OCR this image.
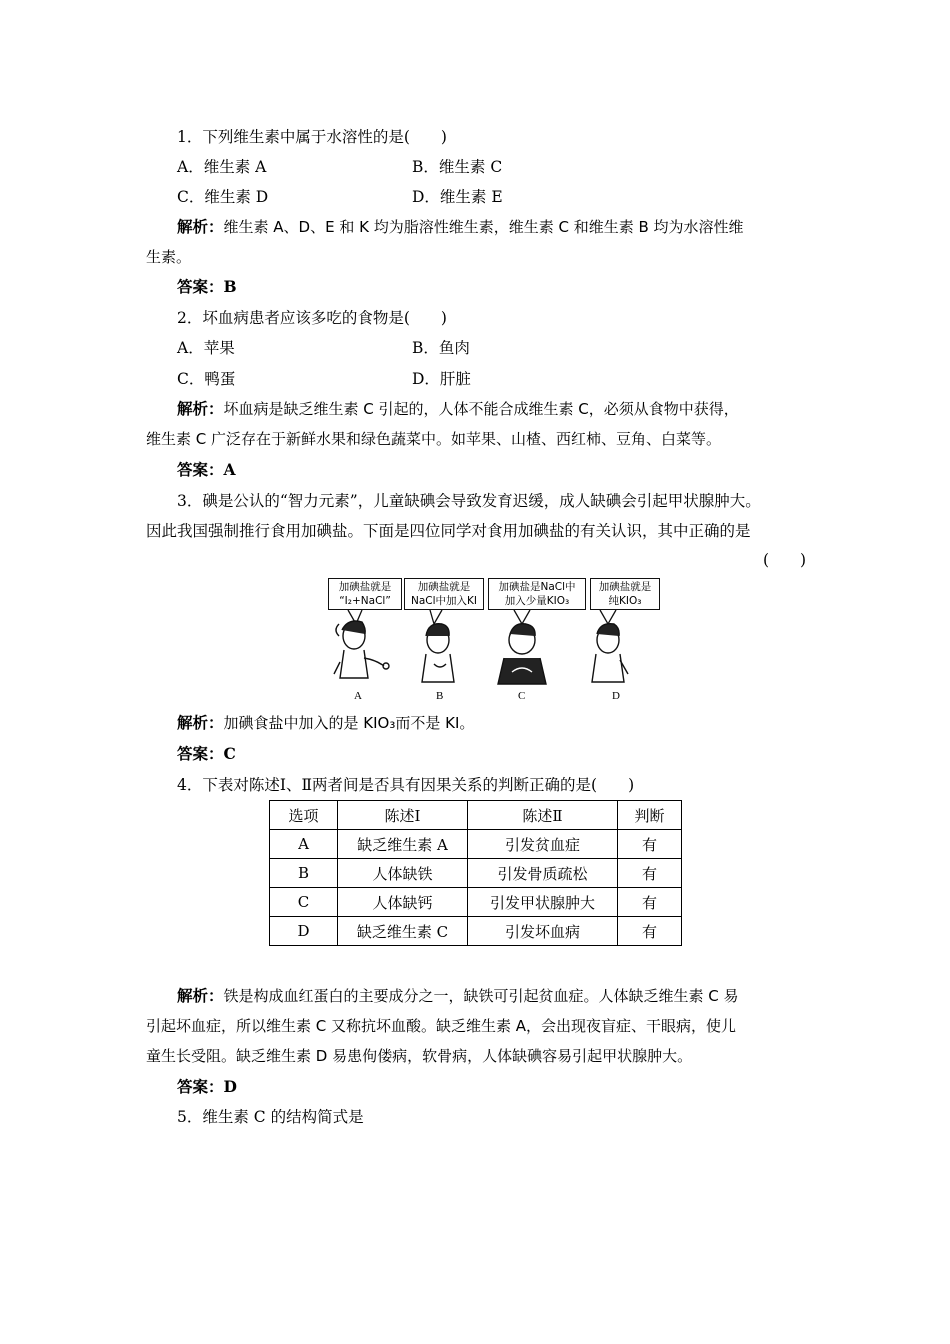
1．下列维生素中属于水溶性的是(　　)
A．维生素 A	B．维生素 C
C．维生素 D	D．维生素 E
解析：维生素 A、D、E 和 K 均为脂溶性维生素，维生素 C 和维生素 B 均为水溶性维
生素。
答案：B
2．坏血病患者应该多吃的食物是(　　)
A．苹果	B．鱼肉
C．鸭蛋	D．肝脏
解析：坏血病是缺乏维生素 C 引起的，人体不能合成维生素 C，必须从食物中获得，
维生素 C 广泛存在于新鲜水果和绿色蔬菜中。如苹果、山楂、西红柿、豆角、白菜等。
答案：A
3．碘是公认的“智力元素”，儿童缺碘会导致发育迟缓，成人缺碘会引起甲状腺肿大。
因此我国强制推行食用加碘盐。下面是四位同学对食用加碘盐的有关认识，其中正确的是
(　　)
加碘盐就是
“I₂+NaCl”
加碘盐就是
NaCl中加入KI
加碘盐是NaCl中
加入少量KIO₃
加碘盐就是
纯KIO₃
A	B	C	D
解析：加碘食盐中加入的是 KIO₃而不是 KI。
答案：C
4．下表对陈述Ⅰ、Ⅱ两者间是否具有因果关系的判断正确的是(　　)
选项	陈述Ⅰ	陈述Ⅱ	判断
A	缺乏维生素 A	引发贫血症	有
B	人体缺铁	引发骨质疏松	有
C	人体缺钙	引发甲状腺肿大	有
D	缺乏维生素 C	引发坏血病	有
解析：铁是构成血红蛋白的主要成分之一，缺铁可引起贫血症。人体缺乏维生素 C 易
引起坏血症，所以维生素 C 又称抗坏血酸。缺乏维生素 A，会出现夜盲症、干眼病，使儿
童生长受阻。缺乏维生素 D 易患佝偻病，软骨病，人体缺碘容易引起甲状腺肿大。
答案：D
5．维生素 C 的结构简式是
